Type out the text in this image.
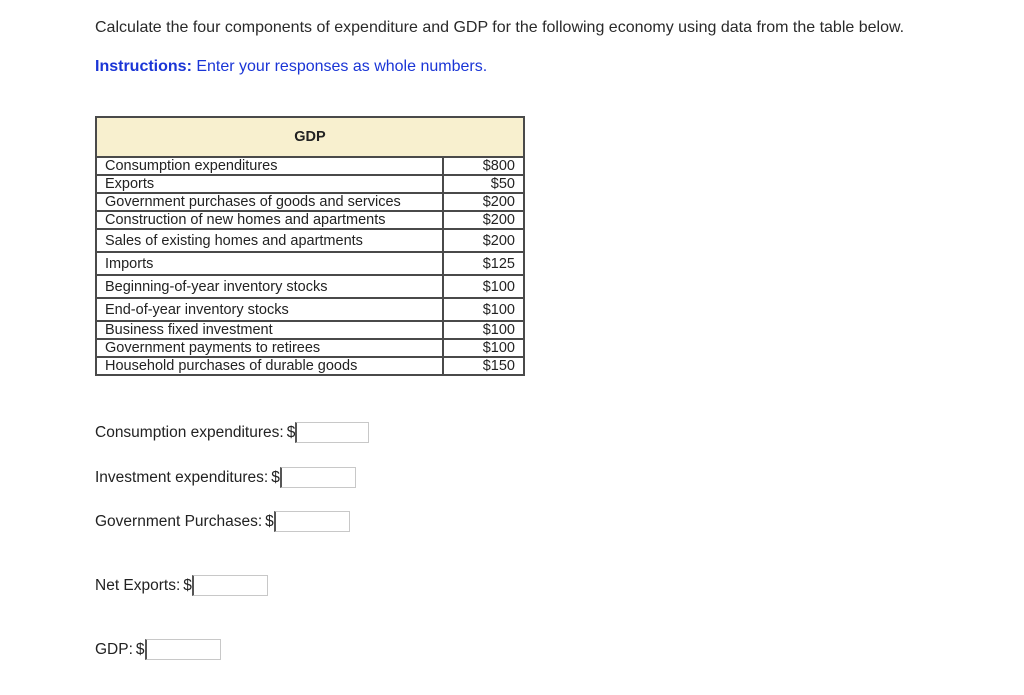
Calculate the four components of expenditure and GDP for the following economy using data from the table below.
Instructions: Enter your responses as whole numbers.
GDP	
Consumption expenditures	$800
Exports	$50
Government purchases of goods and services	$200
Construction of new homes and apartments	$200
Sales of existing homes and apartments	$200
Imports	$125
Beginning-of-year inventory stocks	$100
End-of-year inventory stocks	$100
Business fixed investment	$100
Government payments to retirees	$100
Household purchases of durable goods	$150
Consumption expenditures: $
Investment expenditures: $
Government Purchases: $
Net Exports: $
GDP: $
